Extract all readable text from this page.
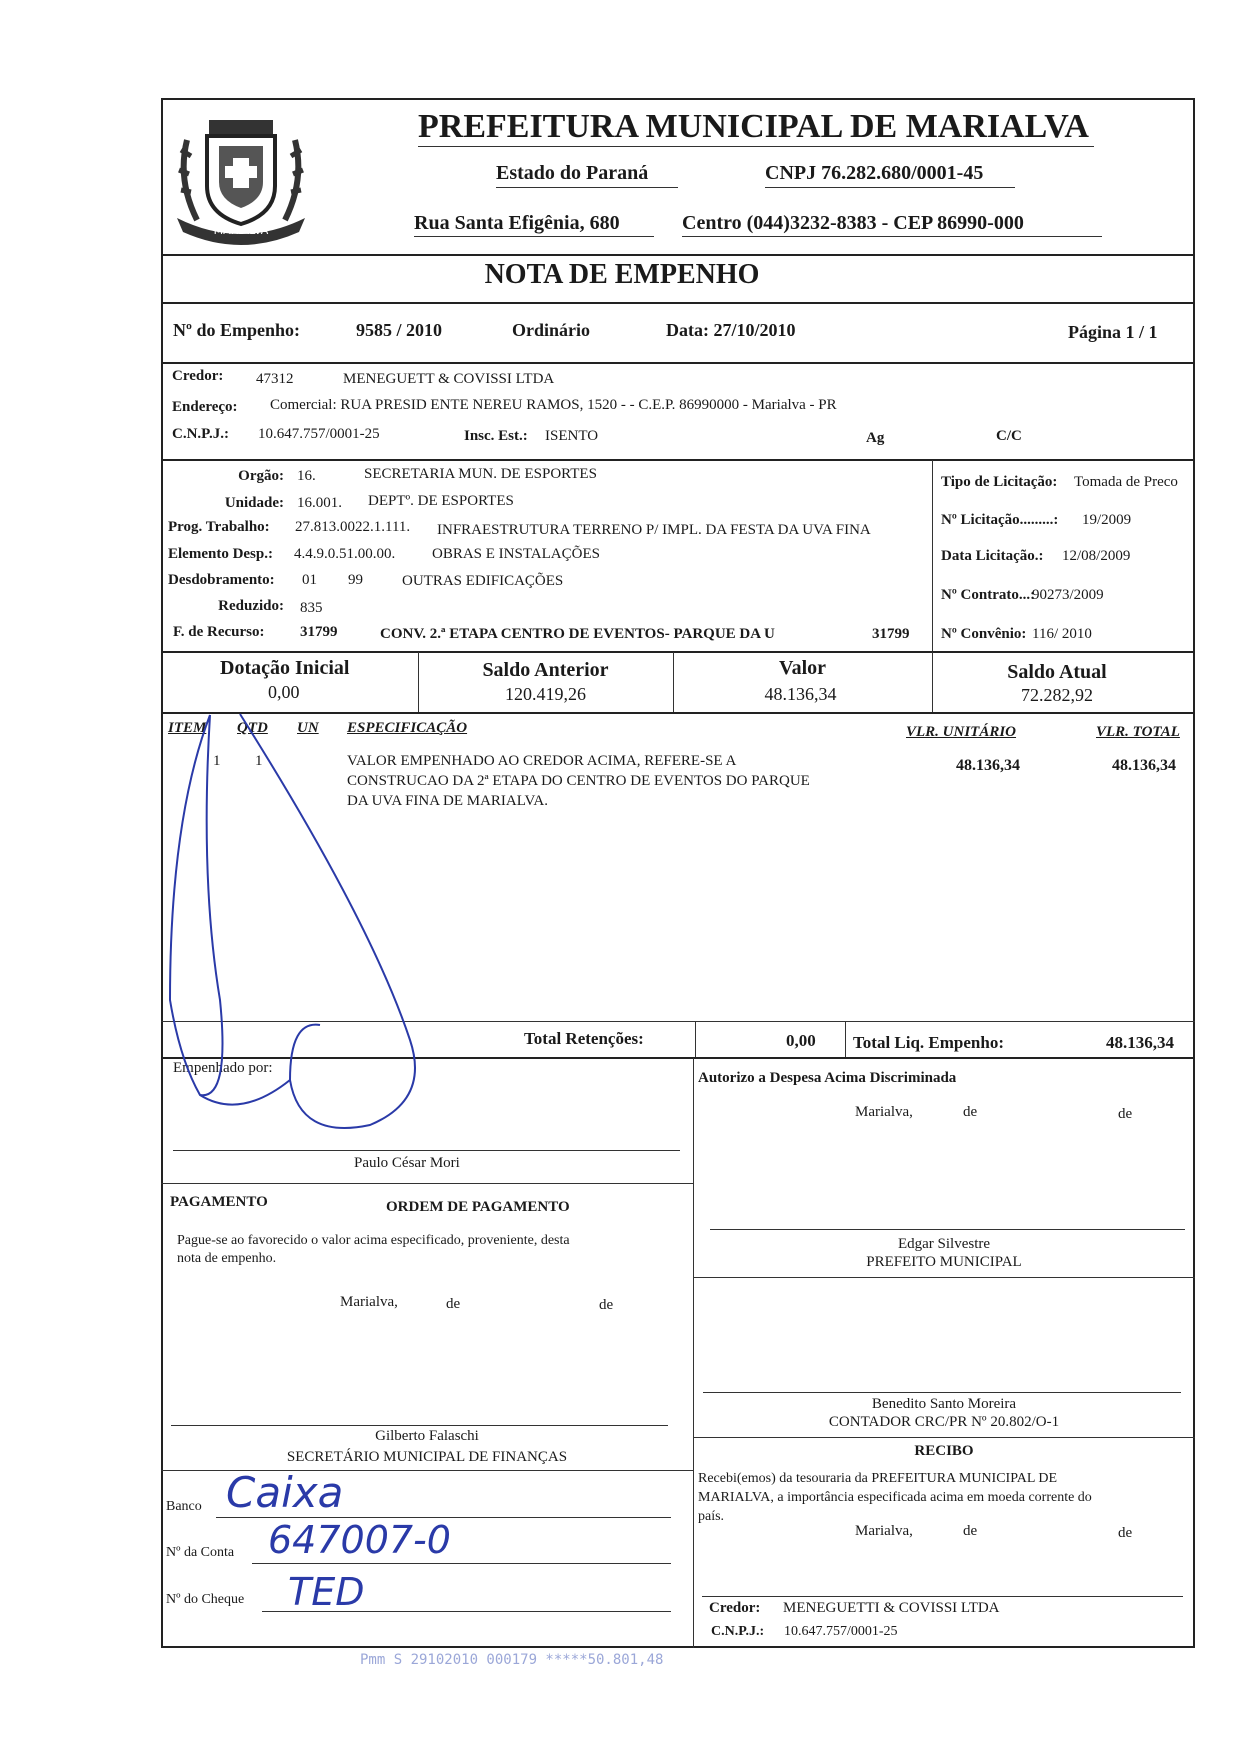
MARIALVA
PREFEITURA MUNICIPAL DE MARIALVA
Estado do Paraná	CNPJ 76.282.680/0001-45
Rua Santa Efigênia, 680	Centro (044)3232-8383 - CEP 86990-000
NOTA DE EMPENHO
Nº do Empenho:	9585 / 2010	Ordinário	Data: 27/10/2010	Página 1 / 1
Credor: 47312	MENEGUETT & COVISSI LTDA
Endereço: Comercial: RUA PRESID ENTE NEREU RAMOS, 1520 - - C.E.P. 86990000 - Marialva - PR
C.N.P.J.: 10.647.757/0001-25	Insc. Est.: ISENTO	Ag	C/C
Orgão: 16.	SECRETARIA MUN. DE ESPORTES
Unidade: 16.001. DEPTº. DE ESPORTES
Prog. Trabalho: 27.813.0022.1.111. INFRAESTRUTURA TERRENO P/ IMPL. DA FESTA DA UVA FINA
Elemento Desp.: 4.4.9.0.51.00.00. OBRAS E INSTALAÇÕES
Desdobramento: 01 99	OUTRAS EDIFICAÇÕES
Reduzido: 835
F. de Recurso: 31799	CONV. 2.ª ETAPA CENTRO DE EVENTOS- PARQUE DA U	31799
Tipo de Licitação: Tomada de Preco
Nº Licitação.........: 19/2009
Data Licitação.: 12/08/2009
Nº Contrato...:
90273/2009
Nº Convênio: 116/ 2010
Dotação Inicial
0,00
Saldo Anterior
120.419,26
Valor
48.136,34
Saldo Atual
72.282,92
ITEM QTD UN ESPECIFICAÇÃO	VLR. UNITÁRIO	VLR. TOTAL
1 1	VALOR EMPENHADO AO CREDOR ACIMA, REFERE-SE A
CONSTRUCAO DA 2ª ETAPA DO CENTRO DE EVENTOS DO PARQUE
DA UVA FINA DE MARIALVA.
48.136,34	48.136,34
Total Retenções:	0,00 Total Liq. Empenho:	48.136,34
Empenhado por:
Paulo César Mori
Autorizo a Despesa Acima Discriminada
Marialva,	de	de
Edgar Silvestre
PREFEITO MUNICIPAL
Benedito Santo Moreira
CONTADOR CRC/PR Nº 20.802/O-1
PAGAMENTO	ORDEM DE PAGAMENTO
Pague-se ao favorecido o valor acima especificado, proveniente, desta
nota de empenho.
Marialva,	de	de
Gilberto Falaschi
SECRETÁRIO MUNICIPAL DE FINANÇAS
Banco Caixa
Nº da Conta 647007-0
Nº do Cheque TED
RECIBO
Recebi(emos) da tesouraria da PREFEITURA MUNICIPAL DE
MARIALVA, a importância especificada acima em moeda corrente do
país.
Marialva,	de	de
Credor: MENEGUETTI & COVISSI LTDA
C.N.P.J.: 10.647.757/0001-25
Pmm S 29102010 000179 *****50.801,48
